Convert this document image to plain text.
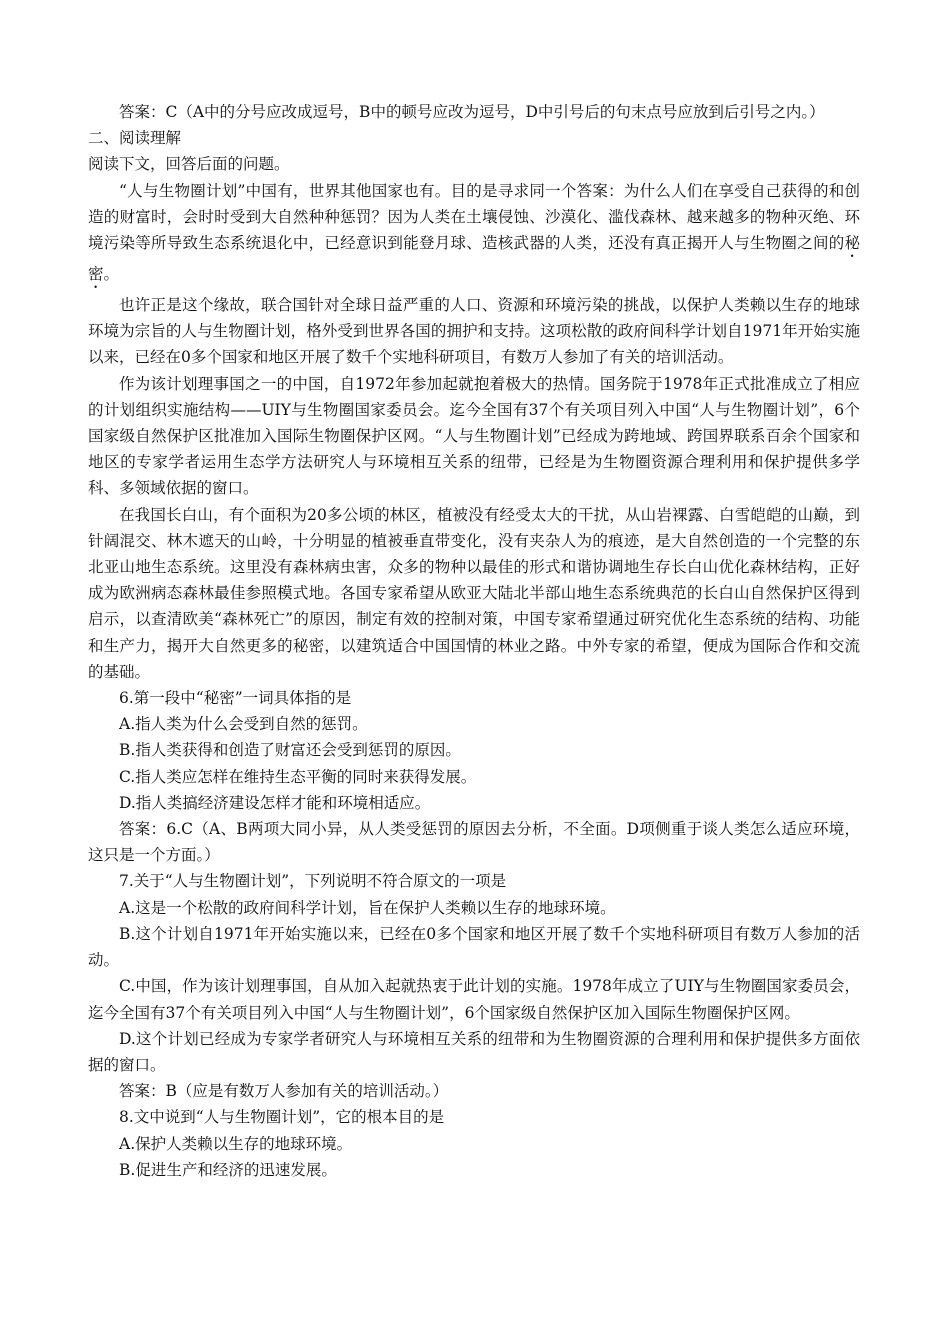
答案：C（A中的分号应改成逗号，B中的顿号应改为逗号，D中引号后的句末点号应放到后引号之内。）

二、阅读理解

阅读下文，回答后面的问题。

“人与生物圈计划”中国有，世界其他国家也有。目的是寻求同一个答案：为什么人们在享受自己获得的和创造的财富时，会时时受到大自然种种惩罚？因为人类在土壤侵蚀、沙漠化、滥伐森林、越来越多的物种灭绝、环境污染等所导致生态系统退化中，已经意识到能登月球、造核武器的人类，还没有真正揭开人与生物圈之间的秘密。

也许正是这个缘故，联合国针对全球日益严重的人口、资源和环境污染的挑战，以保护人类赖以生存的地球环境为宗旨的人与生物圈计划，格外受到世界各国的拥护和支持。这项松散的政府间科学计划自1971年开始实施以来，已经在0多个国家和地区开展了数千个实地科研项目，有数万人参加了有关的培训活动。

作为该计划理事国之一的中国，自1972年参加起就抱着极大的热情。国务院于1978年正式批准成立了相应的计划组织实施结构——UIY与生物圈国家委员会。迄今全国有37个有关项目列入中国“人与生物圈计划”，6个国家级自然保护区批准加入国际生物圈保护区网。“人与生物圈计划”已经成为跨地域、跨国界联系百余个国家和地区的专家学者运用生态学方法研究人与环境相互关系的纽带，已经是为生物圈资源合理利用和保护提供多学科、多领域依据的窗口。

在我国长白山，有个面积为20多公顷的林区，植被没有经受太大的干扰，从山岩裸露、白雪皑皑的山巅，到针阔混交、林木遮天的山岭，十分明显的植被垂直带变化，没有夹杂人为的痕迹，是大自然创造的一个完整的东北亚山地生态系统。这里没有森林病虫害，众多的物种以最佳的形式和谐协调地生存长白山优化森林结构，正好成为欧洲病态森林最佳参照模式地。各国专家希望从欧亚大陆北半部山地生态系统典范的长白山自然保护区得到启示，以查清欧美“森林死亡”的原因，制定有效的控制对策，中国专家希望通过研究优化生态系统的结构、功能和生产力，揭开大自然更多的秘密，以建筑适合中国国情的林业之路。中外专家的希望，便成为国际合作和交流的基础。

6.第一段中“秘密”一词具体指的是

A.指人类为什么会受到自然的惩罚。

B.指人类获得和创造了财富还会受到惩罚的原因。

C.指人类应怎样在维持生态平衡的同时来获得发展。

D.指人类搞经济建设怎样才能和环境相适应。

答案：6.C（A、B两项大同小异，从人类受惩罚的原因去分析，不全面。D项侧重于谈人类怎么适应环境，这只是一个方面。）

7.关于“人与生物圈计划”，下列说明不符合原文的一项是

A.这是一个松散的政府间科学计划，旨在保护人类赖以生存的地球环境。

B.这个计划自1971年开始实施以来，已经在0多个国家和地区开展了数千个实地科研项目有数万人参加的活动。

C.中国，作为该计划理事国，自从加入起就热衷于此计划的实施。1978年成立了UIY与生物圈国家委员会，迄今全国有37个有关项目列入中国“人与生物圈计划”，6个国家级自然保护区加入国际生物圈保护区网。

D.这个计划已经成为专家学者研究人与环境相互关系的纽带和为生物圈资源的合理利用和保护提供多方面依据的窗口。

答案：B（应是有数万人参加有关的培训活动。）

8.文中说到“人与生物圈计划”，它的根本目的是

A.保护人类赖以生存的地球环境。

B.促进生产和经济的迅速发展。
